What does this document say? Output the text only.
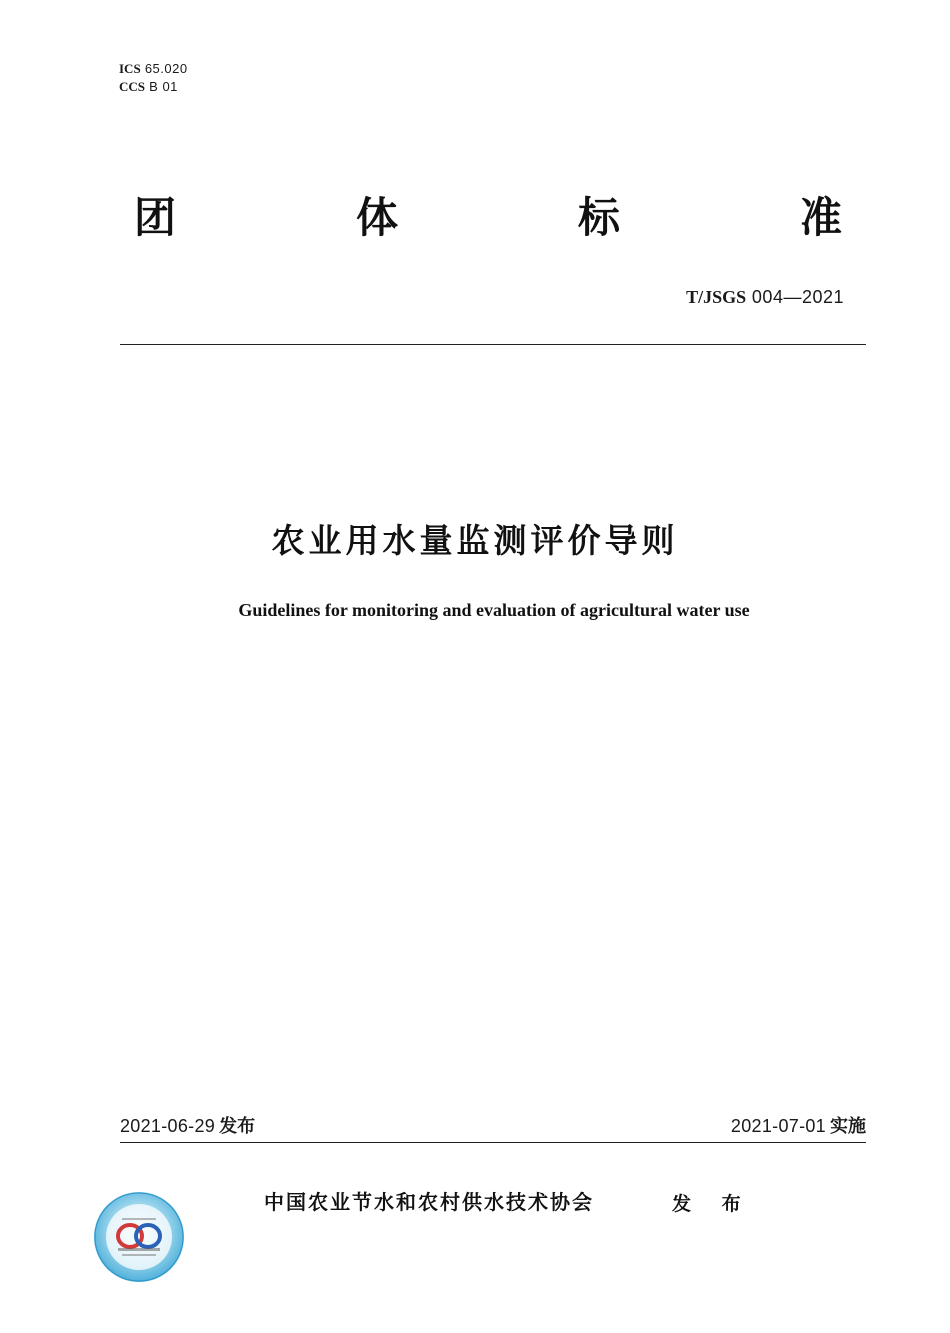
ICS 65.020
CCS B 01
团	体	标	准
T/JSGS 004—2021
农业用水量监测评价导则
Guidelines for monitoring and evaluation of agricultural water use
2021-06-29 发布	2021-07-01 实施
中国农业节水和农村供水技术协会	发 布
